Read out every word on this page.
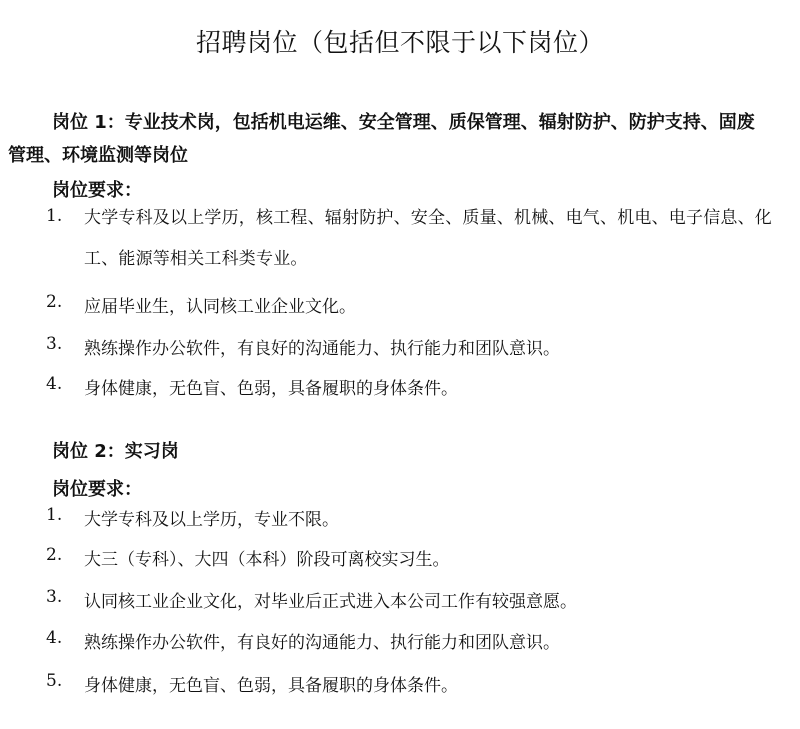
招聘岗位（包括但不限于以下岗位）
岗位 1：专业技术岗，包括机电运维、安全管理、质保管理、辐射防护、防护支持、固废管理、环境监测等岗位
岗位要求：
1. 大学专科及以上学历，核工程、辐射防护、安全、质量、机械、电气、机电、电子信息、化工、能源等相关工科类专业。
2. 应届毕业生，认同核工业企业文化。
3. 熟练操作办公软件，有良好的沟通能力、执行能力和团队意识。
4. 身体健康，无色盲、色弱，具备履职的身体条件。
岗位 2：实习岗
岗位要求：
1. 大学专科及以上学历，专业不限。
2. 大三（专科）、大四（本科）阶段可离校实习生。
3. 认同核工业企业文化，对毕业后正式进入本公司工作有较强意愿。
4. 熟练操作办公软件，有良好的沟通能力、执行能力和团队意识。
5. 身体健康，无色盲、色弱，具备履职的身体条件。
